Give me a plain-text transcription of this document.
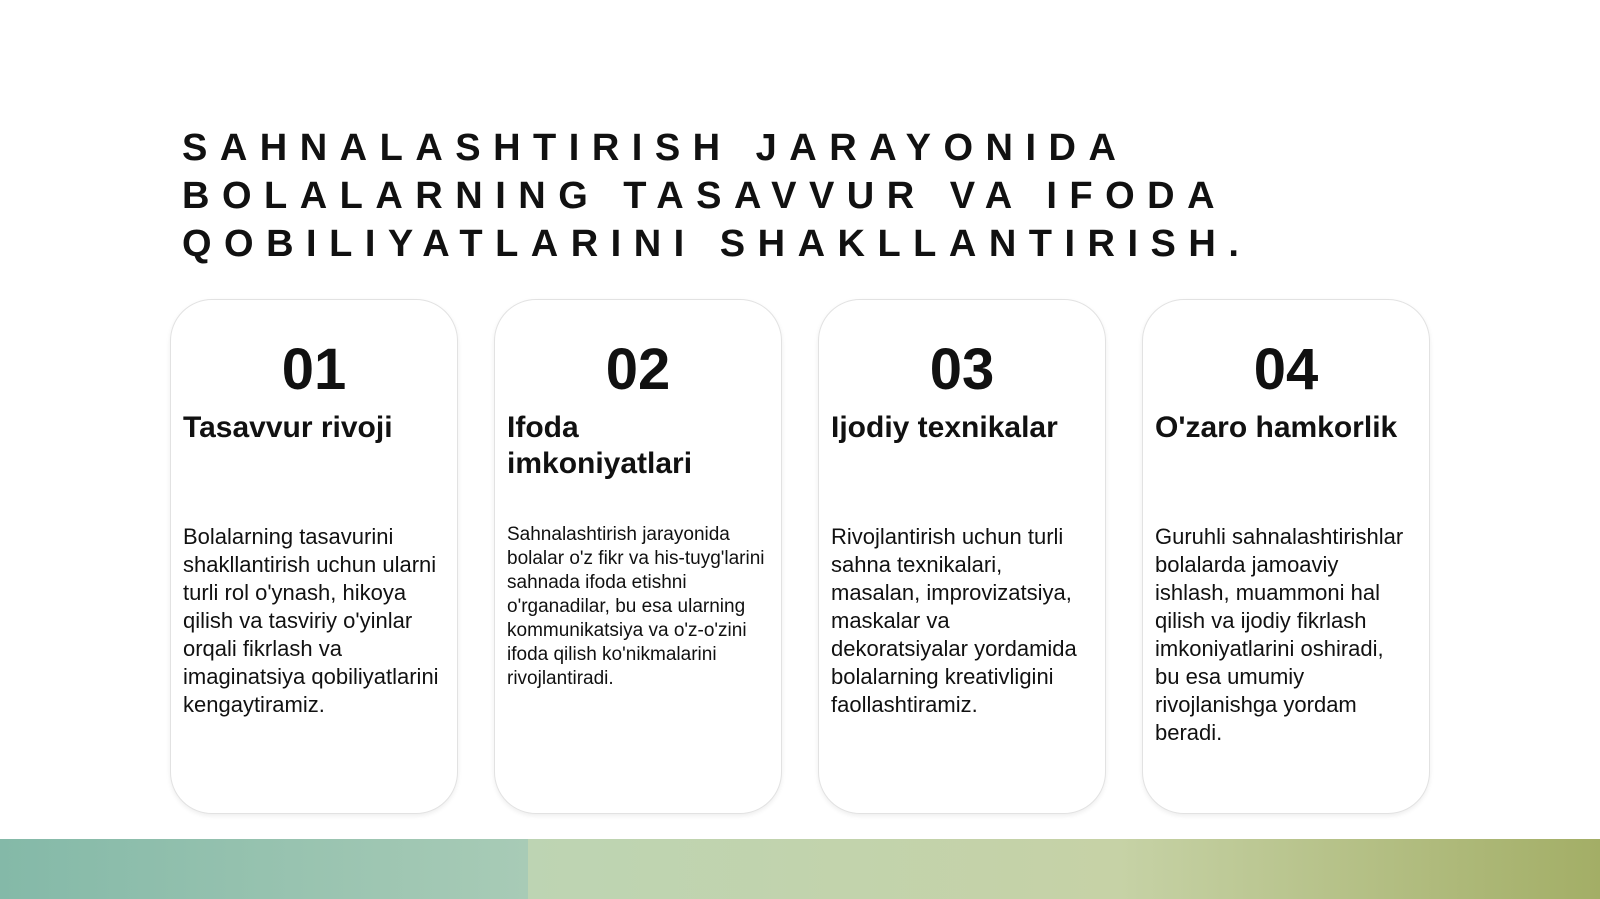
SAHNALASHTIRISH JARAYONIDA
BOLALARNING TASAVVUR VA IFODA
QOBILIYATLARINI SHAKLLANTIRISH.
01
Tasavvur rivoji

Bolalarning tasavurini shakllantirish uchun ularni turli rol o'ynash, hikoya qilish va tasviriy o'yinlar orqali fikrlash va imaginatsiya qobiliyatlarini kengaytiramiz.

02
Ifoda imkoniyatlari

Sahnalashtirish jarayonida bolalar o'z fikr va his-tuyg'larini sahnada ifoda etishni o'rganadilar, bu esa ularning kommunikatsiya va o'z-o'zini ifoda qilish ko'nikmalarini rivojlantiradi.

03
Ijodiy texnikalar

Rivojlantirish uchun turli sahna texnikalari, masalan, improvizatsiya, maskalar va dekoratsiyalar yordamida bolalarning kreativligini faollashtiramiz.

04
O'zaro hamkorlik

Guruhli sahnalashtirishlar bolalarda jamoaviy ishlash, muammoni hal qilish va ijodiy fikrlash imkoniyatlarini oshiradi, bu esa umumiy rivojlanishga yordam beradi.
